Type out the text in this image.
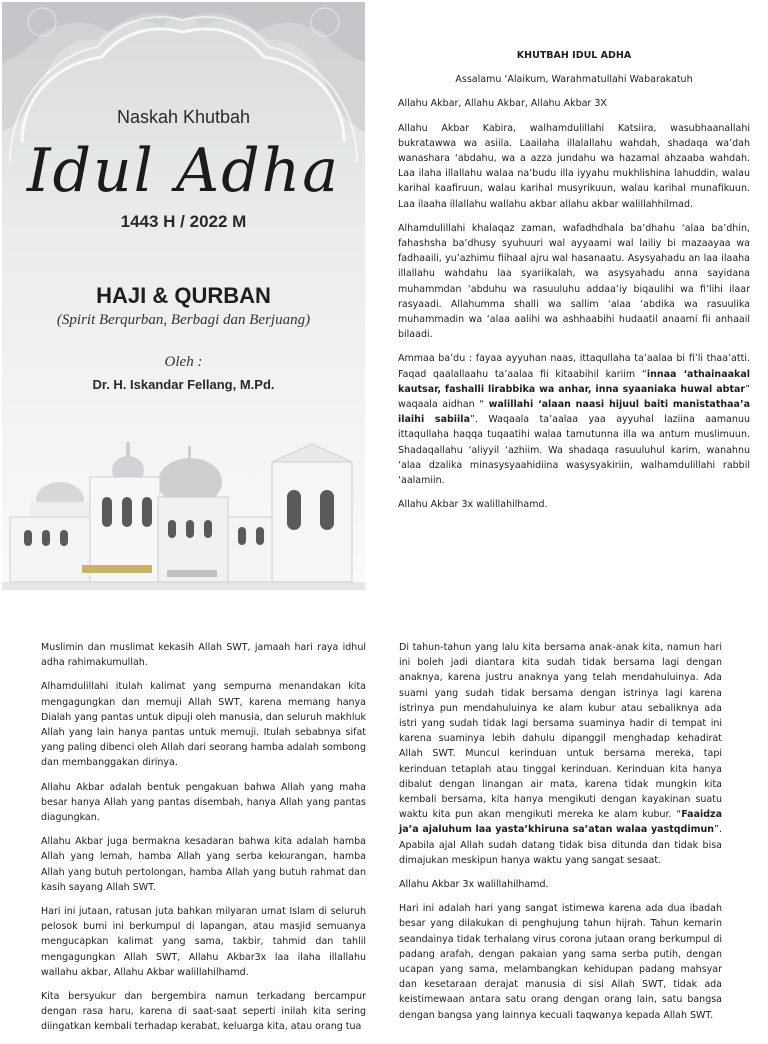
Naskah Khutbah
Idul Adha
1443 H / 2022 M
HAJI & QURBAN
(Spirit Berqurban, Berbagi dan Berjuang)
Oleh :
Dr. H. Iskandar Fellang, M.Pd.

KHUTBAH IDUL ADHA

Assalamu ‘Alaikum, Warahmatullahi Wabarakatuh

Allahu Akbar, Allahu Akbar, Allahu Akbar 3X

Allahu Akbar Kabira, walhamdulillahi Katsiira, wasubhaanallahi bukratawwa wa asiila. Laailaha illalallahu wahdah, shadaqa wa’dah wanashara ‘abdahu, wa a azza jundahu wa hazamal ahzaaba wahdah. Laa ilaha illallahu walaa na’budu illa iyyahu mukhlishina lahuddin, walau karihal kaafiruun, walau karihal musyrikuun, walau karihal munafikuun. Laa ilaaha illallahu wallahu akbar allahu akbar walillahhilmad.

Alhamdulillahi khalaqaz zaman, wafadhdhala ba’dhahu ‘alaa ba’dhin, fahashsha ba’dhusy syuhuuri wal ayyaami wal lailiy bi mazaayaa wa fadhaaili, yu’azhimu fiihaal ajru wal hasanaatu. Asysyahadu an laa ilaaha illallahu wahdahu laa syariikalah, wa asysyahadu anna sayidana muhammdan ‘abduhu wa rasuuluhu addaa’iy biqaulihi wa fi’lihi ilaar rasyaadi. Allahumma shalli wa sallim ‘alaa ‘abdika wa rasuulika muhammadin wa ‘alaa aalihi wa ashhaabihi hudaatil anaami fii anhaail bilaadi.

Ammaa ba’du : fayaa ayyuhan naas, ittaqullaha ta’aalaa bi fi’li thaa’atti. Faqad qaalallaahu ta’aalaa fii kitaabihil kariim “innaa ‘athainaakal kautsar, fashalli lirabbika wa anhar, inna syaaniaka huwal abtar” waqaala aidhan “ walillahi ‘alaan naasi hijuul baiti manistathaa’a ilaihi sabiila”. Waqaala ta’aalaa yaa ayyuhal laziina aamanuu ittaqullaha haqqa tuqaatihi walaa tamutunna illa wa antum muslimuun. Shadaqallahu ‘aliyyil ‘azhiim. Wa shadaqa rasuuluhul karim, wanahnu ‘alaa dzalika minasysyaahidiina wasysyakiriin, walhamdulillahi rabbil ‘aalamiin.

Allahu Akbar 3x walillahilhamd.

Muslimin dan muslimat kekasih Allah SWT, jamaah hari raya idhul adha rahimakumullah.

Alhamdulillahi itulah kalimat yang sempurna menandakan kita mengagungkan dan memuji Allah SWT, karena memang hanya Dialah yang pantas untuk dipuji oleh manusia, dan seluruh makhluk Allah yang lain hanya pantas untuk memuji. Itulah sebabnya sifat yang paling dibenci oleh Allah dari seorang hamba adalah sombong dan membanggakan dirinya.

Allahu Akbar adalah bentuk pengakuan bahwa Allah yang maha besar hanya Allah yang pantas disembah, hanya Allah yang pantas diagungkan.

Allahu Akbar juga bermakna kesadaran bahwa kita adalah hamba Allah yang lemah, hamba Allah yang serba kekurangan, hamba Allah yang butuh pertolongan, hamba Allah yang butuh rahmat dan kasih sayang Allah SWT.

Hari ini jutaan, ratusan juta bahkan milyaran umat Islam di seluruh pelosok bumi ini berkumpul di lapangan, atau masjid semuanya mengucapkan kalimat yang sama, takbir, tahmid dan tahlil mengagungkan Allah SWT, Allahu Akbar3x laa ilaha illallahu wallahu akbar, Allahu Akbar walillahilhamd.

Kita bersyukur dan bergembira namun terkadang bercampur dengan rasa haru, karena di saat-saat seperti inilah kita sering diingatkan kembali terhadap kerabat, keluarga kita, atau orang tua

Di tahun-tahun yang lalu kita bersama anak-anak kita, namun hari ini boleh jadi diantara kita sudah tidak bersama lagi dengan anaknya, karena justru anaknya yang telah mendahuluinya. Ada suami yang sudah tidak bersama dengan istrinya lagi karena istrinya pun mendahuluinya ke alam kubur atau sebaliknya ada istri yang sudah tidak lagi bersama suaminya hadir di tempat ini karena suaminya lebih dahulu dipanggil menghadap kehadirat Allah SWT. Muncul kerinduan untuk bersama mereka, tapi kerinduan tetaplah atau tinggal kerinduan. Kerinduan kita hanya dibalut dengan linangan air mata, karena tidak mungkin kita kembali bersama, kita hanya mengikuti dengan kayakinan suatu waktu kita pun akan mengikuti mereka ke alam kubur. “Faaidza ja’a ajaluhum laa yasta’khiruna sa’atan walaa yastqdimun”. Apabila ajal Allah sudah datang tidak bisa ditunda dan tidak bisa dimajukan meskipun hanya waktu yang sangat sesaat.

Allahu Akbar 3x walillahilhamd.

Hari ini adalah hari yang sangat istimewa karena ada dua ibadah besar yang dilakukan di penghujung tahun hijrah. Tahun kemarin seandainya tidak terhalang virus corona jutaan orang berkumpul di padang arafah, dengan pakaian yang sama serba putih, dengan ucapan yang sama, melambangkan kehidupan padang mahsyar dan kesetaraan derajat manusia di sisi Allah SWT, tidak ada keistimewaan antara satu orang dengan orang lain, satu bangsa dengan bangsa yang lainnya kecuali taqwanya kepada Allah SWT.
